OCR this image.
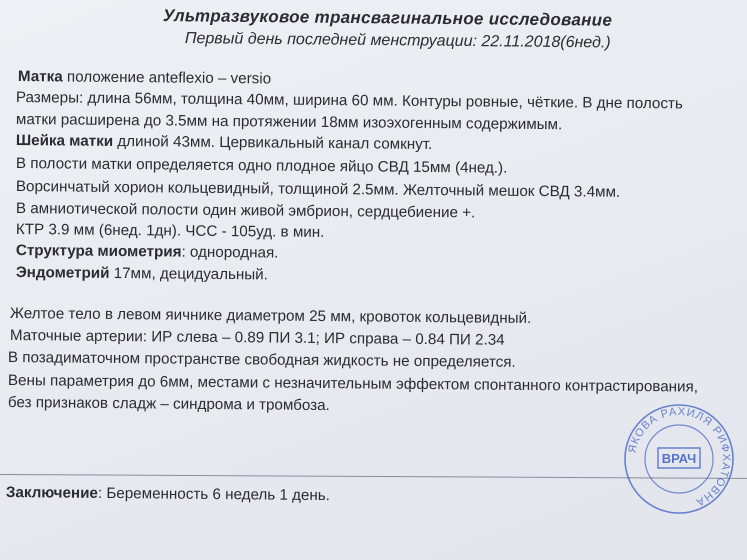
Ультразвуковое трансвагинальное исследование
Первый день последней менструации: 22.11.2018(6нед.)
Матка положение anteflexio – versio
Размеры: длина 56мм, толщина 40мм, ширина 60 мм. Контуры ровные, чёткие. В дне полость
матки расширена до 3.5мм на протяжении 18мм изоэхогенным содержимым.
Шейка матки длиной 43мм. Цервикальный канал сомкнут.
В полости матки определяется одно плодное яйцо СВД 15мм (4нед.).
Ворсинчатый хорион кольцевидный, толщиной 2.5мм. Желточный мешок СВД 3.4мм.
В амниотической полости один живой эмбрион, сердцебиение +.
КТР 3.9 мм (6нед. 1дн). ЧСС - 105уд. в мин.
Структура миометрия: однородная.
Эндометрий 17мм, децидуальный.
Желтое тело в левом яичнике диаметром 25 мм, кровоток кольцевидный.
Маточные артерии: ИР слева – 0.89 ПИ 3.1; ИР справа – 0.84 ПИ 2.34
В позадиматочном пространстве свободная жидкость не определяется.
Вены параметрия до 6мм, местами с незначительным эффектом спонтанного контрастирования,
без признаков сладж – синдрома и тромбоза.
Заключение: Беременность 6 недель 1 день.
ЯКОВА РАХИЛЯ РИФХАТОВНА
ВРАЧ
